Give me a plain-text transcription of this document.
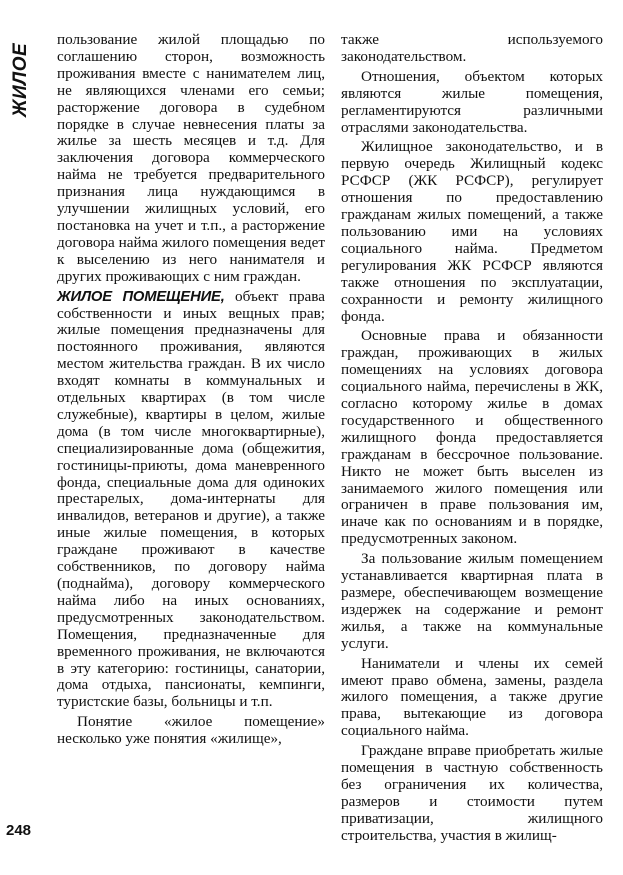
ЖИЛОЕ

пользование жилой площадью по соглашению сторон, возможность проживания вместе с нанимателем лиц, не являющихся членами его семьи; расторжение договора в судебном порядке в случае невнесения платы за жилье за шесть месяцев и т.д. Для заключения договора коммерческого найма не требуется предварительного признания лица нуждающимся в улучшении жилищных условий, его постановка на учет и т.п., а расторжение договора найма жилого помещения ведет к выселению из него нанимателя и других проживающих с ним граждан.

ЖИЛОЕ ПОМЕЩЕНИЕ, объект права собственности и иных вещных прав; жилые помещения предназначены для постоянного проживания, являются местом жительства граждан. В их число входят комнаты в коммунальных и отдельных квартирах (в том числе служебные), квартиры в целом, жилые дома (в том числе многоквартирные), специализированные дома (общежития, гостиницы-приюты, дома маневренного фонда, специальные дома для одиноких престарелых, дома-интернаты для инвалидов, ветеранов и другие), а также иные жилые помещения, в которых граждане проживают в качестве собственников, по договору найма (поднайма), договору коммерческого найма либо на иных основаниях, предусмотренных законодательством. Помещения, предназначенные для временного проживания, не включаются в эту категорию: гостиницы, санатории, дома отдыха, пансионаты, кемпинги, туристские базы, больницы и т.п.

Понятие «жилое помещение» несколько уже понятия «жилище»,

также используемого законодательством.

Отношения, объектом которых являются жилые помещения, регламентируются различными отраслями законодательства.

Жилищное законодательство, и в первую очередь Жилищный кодекс РСФСР (ЖК РСФСР), регулирует отношения по предоставлению гражданам жилых помещений, а также пользованию ими на условиях социального найма. Предметом регулирования ЖК РСФСР являются также отношения по эксплуатации, сохранности и ремонту жилищного фонда.

Основные права и обязанности граждан, проживающих в жилых помещениях на условиях договора социального найма, перечислены в ЖК, согласно которому жилье в домах государственного и общественного жилищного фонда предоставляется гражданам в бессрочное пользование. Никто не может быть выселен из занимаемого жилого помещения или ограничен в праве пользования им, иначе как по основаниям и в порядке, предусмотренных законом.

За пользование жилым помещением устанавливается квартирная плата в размере, обеспечивающем возмещение издержек на содержание и ремонт жилья, а также на коммунальные услуги.

Наниматели и члены их семей имеют право обмена, замены, раздела жилого помещения, а также другие права, вытекающие из договора социального найма.

Граждане вправе приобретать жилые помещения в частную собственность без ограничения их количества, размеров и стоимости путем приватизации, жилищного строительства, участия в жилищ-

248
